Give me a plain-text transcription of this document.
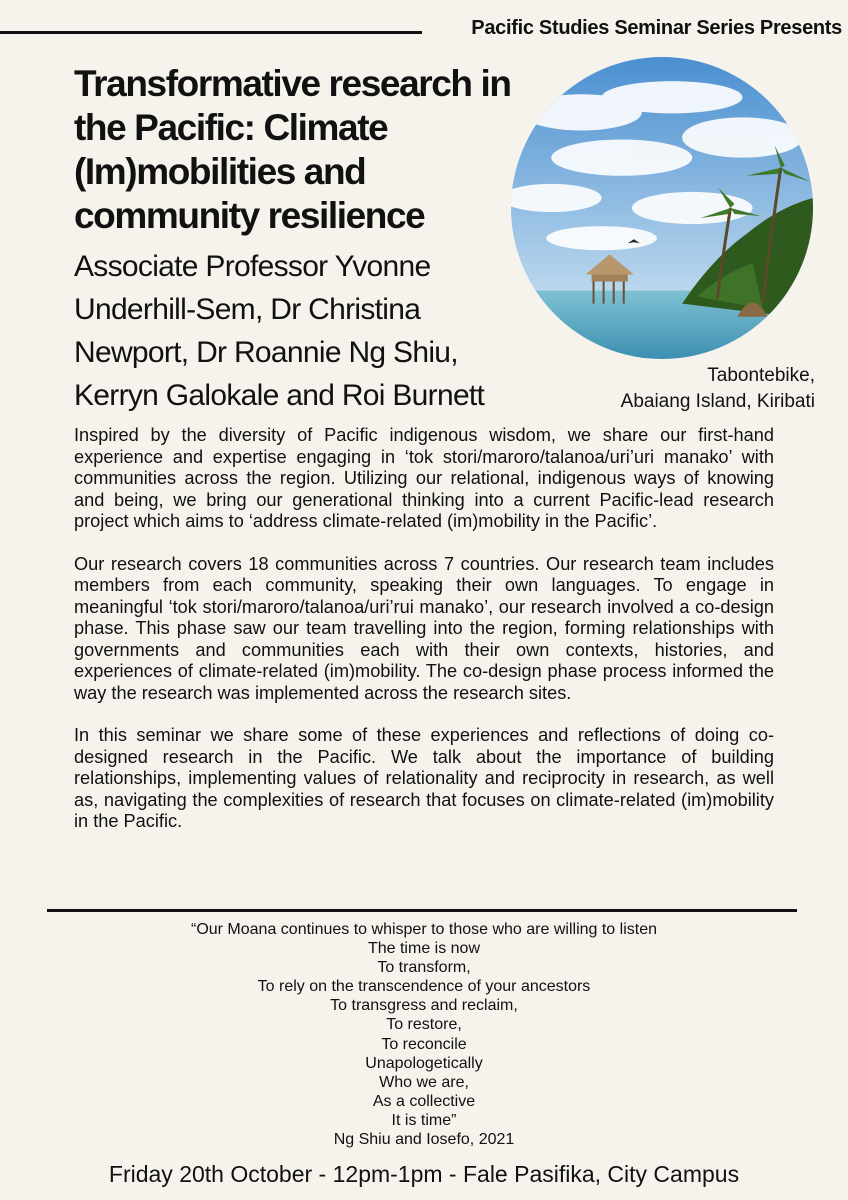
Pacific Studies Seminar Series Presents
Transformative research in the Pacific: Climate (Im)mobilities and community resilience

Associate Professor Yvonne Underhill-Sem, Dr Christina Newport, Dr Roannie Ng Shiu, Kerryn Galokale and Roi Burnett

Tabontebike,
Abaiang Island, Kiribati

Inspired by the diversity of Pacific indigenous wisdom, we share our first-hand experience and expertise engaging in ‘tok stori/maroro/talanoa/uri’uri manako’ with communities across the region. Utilizing our relational, indigenous ways of knowing and being, we bring our generational thinking into a current Pacific-lead research project which aims to ‘address climate-related (im)mobility in the Pacific’.

Our research covers 18 communities across 7 countries. Our research team includes members from each community, speaking their own languages. To engage in meaningful ‘tok stori/maroro/talanoa/uri’rui manako’, our research involved a co-design phase. This phase saw our team travelling into the region, forming relationships with governments and communities each with their own contexts, histories, and experiences of climate-related (im)mobility. The co-design phase process informed the way the research was implemented across the research sites.

In this seminar we share some of these experiences and reflections of doing co-designed research in the Pacific. We talk about the importance of building relationships, implementing values of relationality and reciprocity in research, as well as, navigating the complexities of research that focuses on climate-related (im)mobility in the Pacific.

“Our Moana continues to whisper to those who are willing to listen
The time is now
To transform,
To rely on the transcendence of your ancestors
To transgress and reclaim,
To restore,
To reconcile
Unapologetically
Who we are,
As a collective
It is time”
Ng Shiu and Iosefo, 2021
Friday 20th October - 12pm-1pm - Fale Pasifika, City Campus
